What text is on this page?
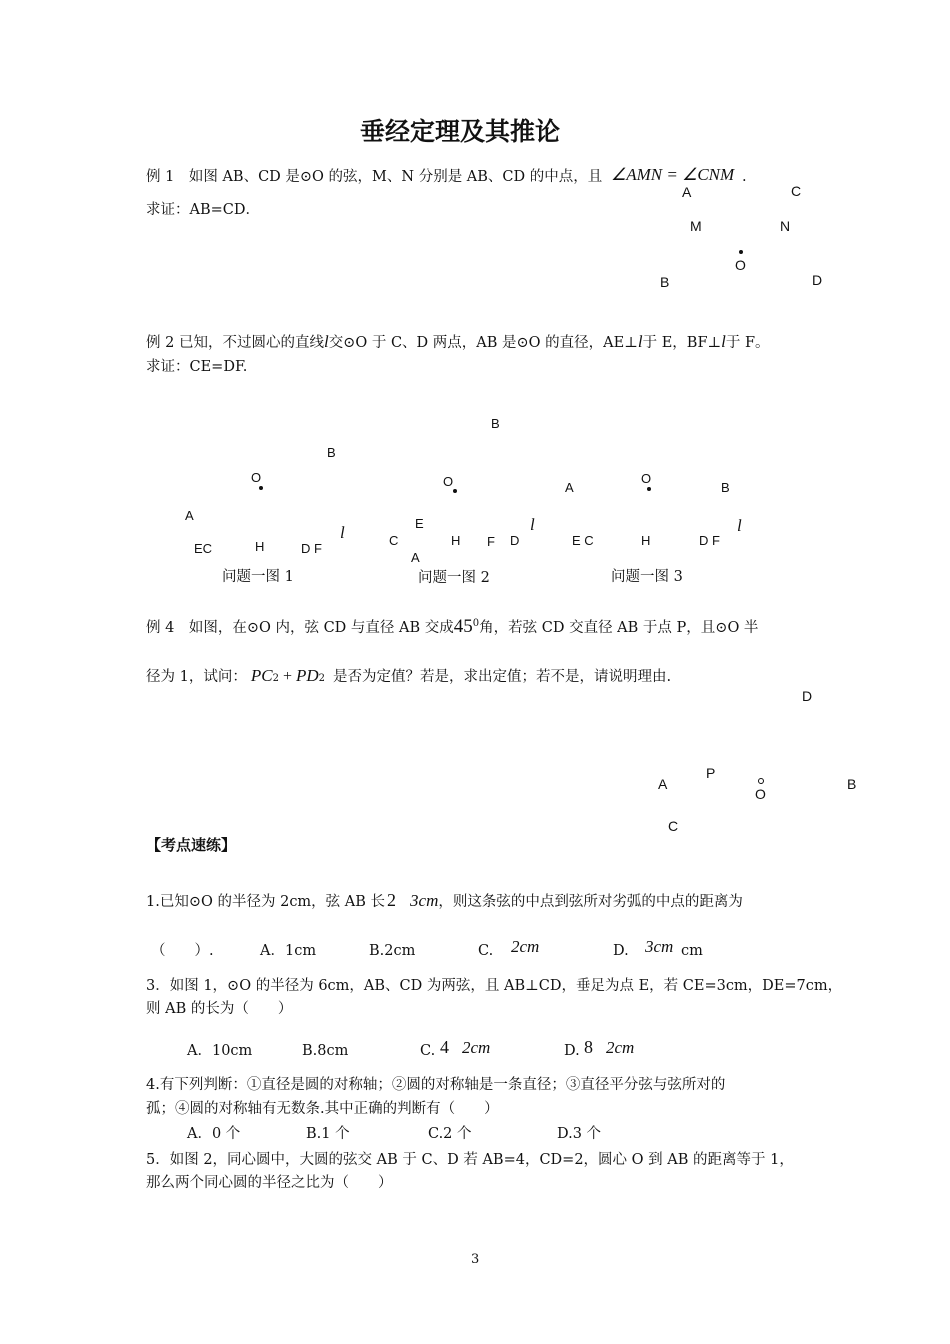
垂经定理及其推论
例 1　如图 AB、CD 是⊙O 的弦，M、N 分别是 AB、CD 的中点，且 ∠AMN = ∠CNM .
求证：AB=CD．
A	C
M	N
O
B	D
例 2 已知，不过圆心的直线l交⊙O 于 C、D 两点，AB 是⊙O 的直径，AE⊥l于 E，BF⊥l于 F。
求证：CE=DF.
O
B
A
EC	H	D F
l
问题一图 1
B
O
E
C
A
H F D
l
问题一图 2
A
O
B
E C	H	D F
l
问题一图 3
例 4　如图，在⊙O 内，弦 CD 与直径 AB 交成$45^0$角，若弦 CD 交直径 AB 于点 P，且⊙O 半
径为 1，试问： PC2 + PD2 是否为定值？若是，求出定值；若不是，请说明理由.
D
P
A
O
B
C
【考点速练】
1.已知⊙O 的半径为 2cm，弦 AB 长 2 3cm，则这条弦的中点到弦所对劣弧的中点的距离为
（　　）.	A．1cm	B.2cm	C. 2cm	D. 3cm cm
3．如图 1，⊙O 的半径为 6cm，AB、CD 为两弦，且 AB⊥CD，垂足为点 E，若 CE=3cm，DE=7cm，
则 AB 的长为（　　）
A．10cm	B.8cm	C. 4 2cm	D. 8 2cm
4.有下列判断：①直径是圆的对称轴；②圆的对称轴是一条直径；③直径平分弦与弦所对的
孤；④圆的对称轴有无数条.其中正确的判断有（　　）
A．0 个	B.1 个	C.2 个	D.3 个
5．如图 2，同心圆中，大圆的弦交 AB 于 C、D 若 AB=4，CD=2，圆心 O 到 AB 的距离等于 1，
那么两个同心圆的半径之比为（　　）
3
